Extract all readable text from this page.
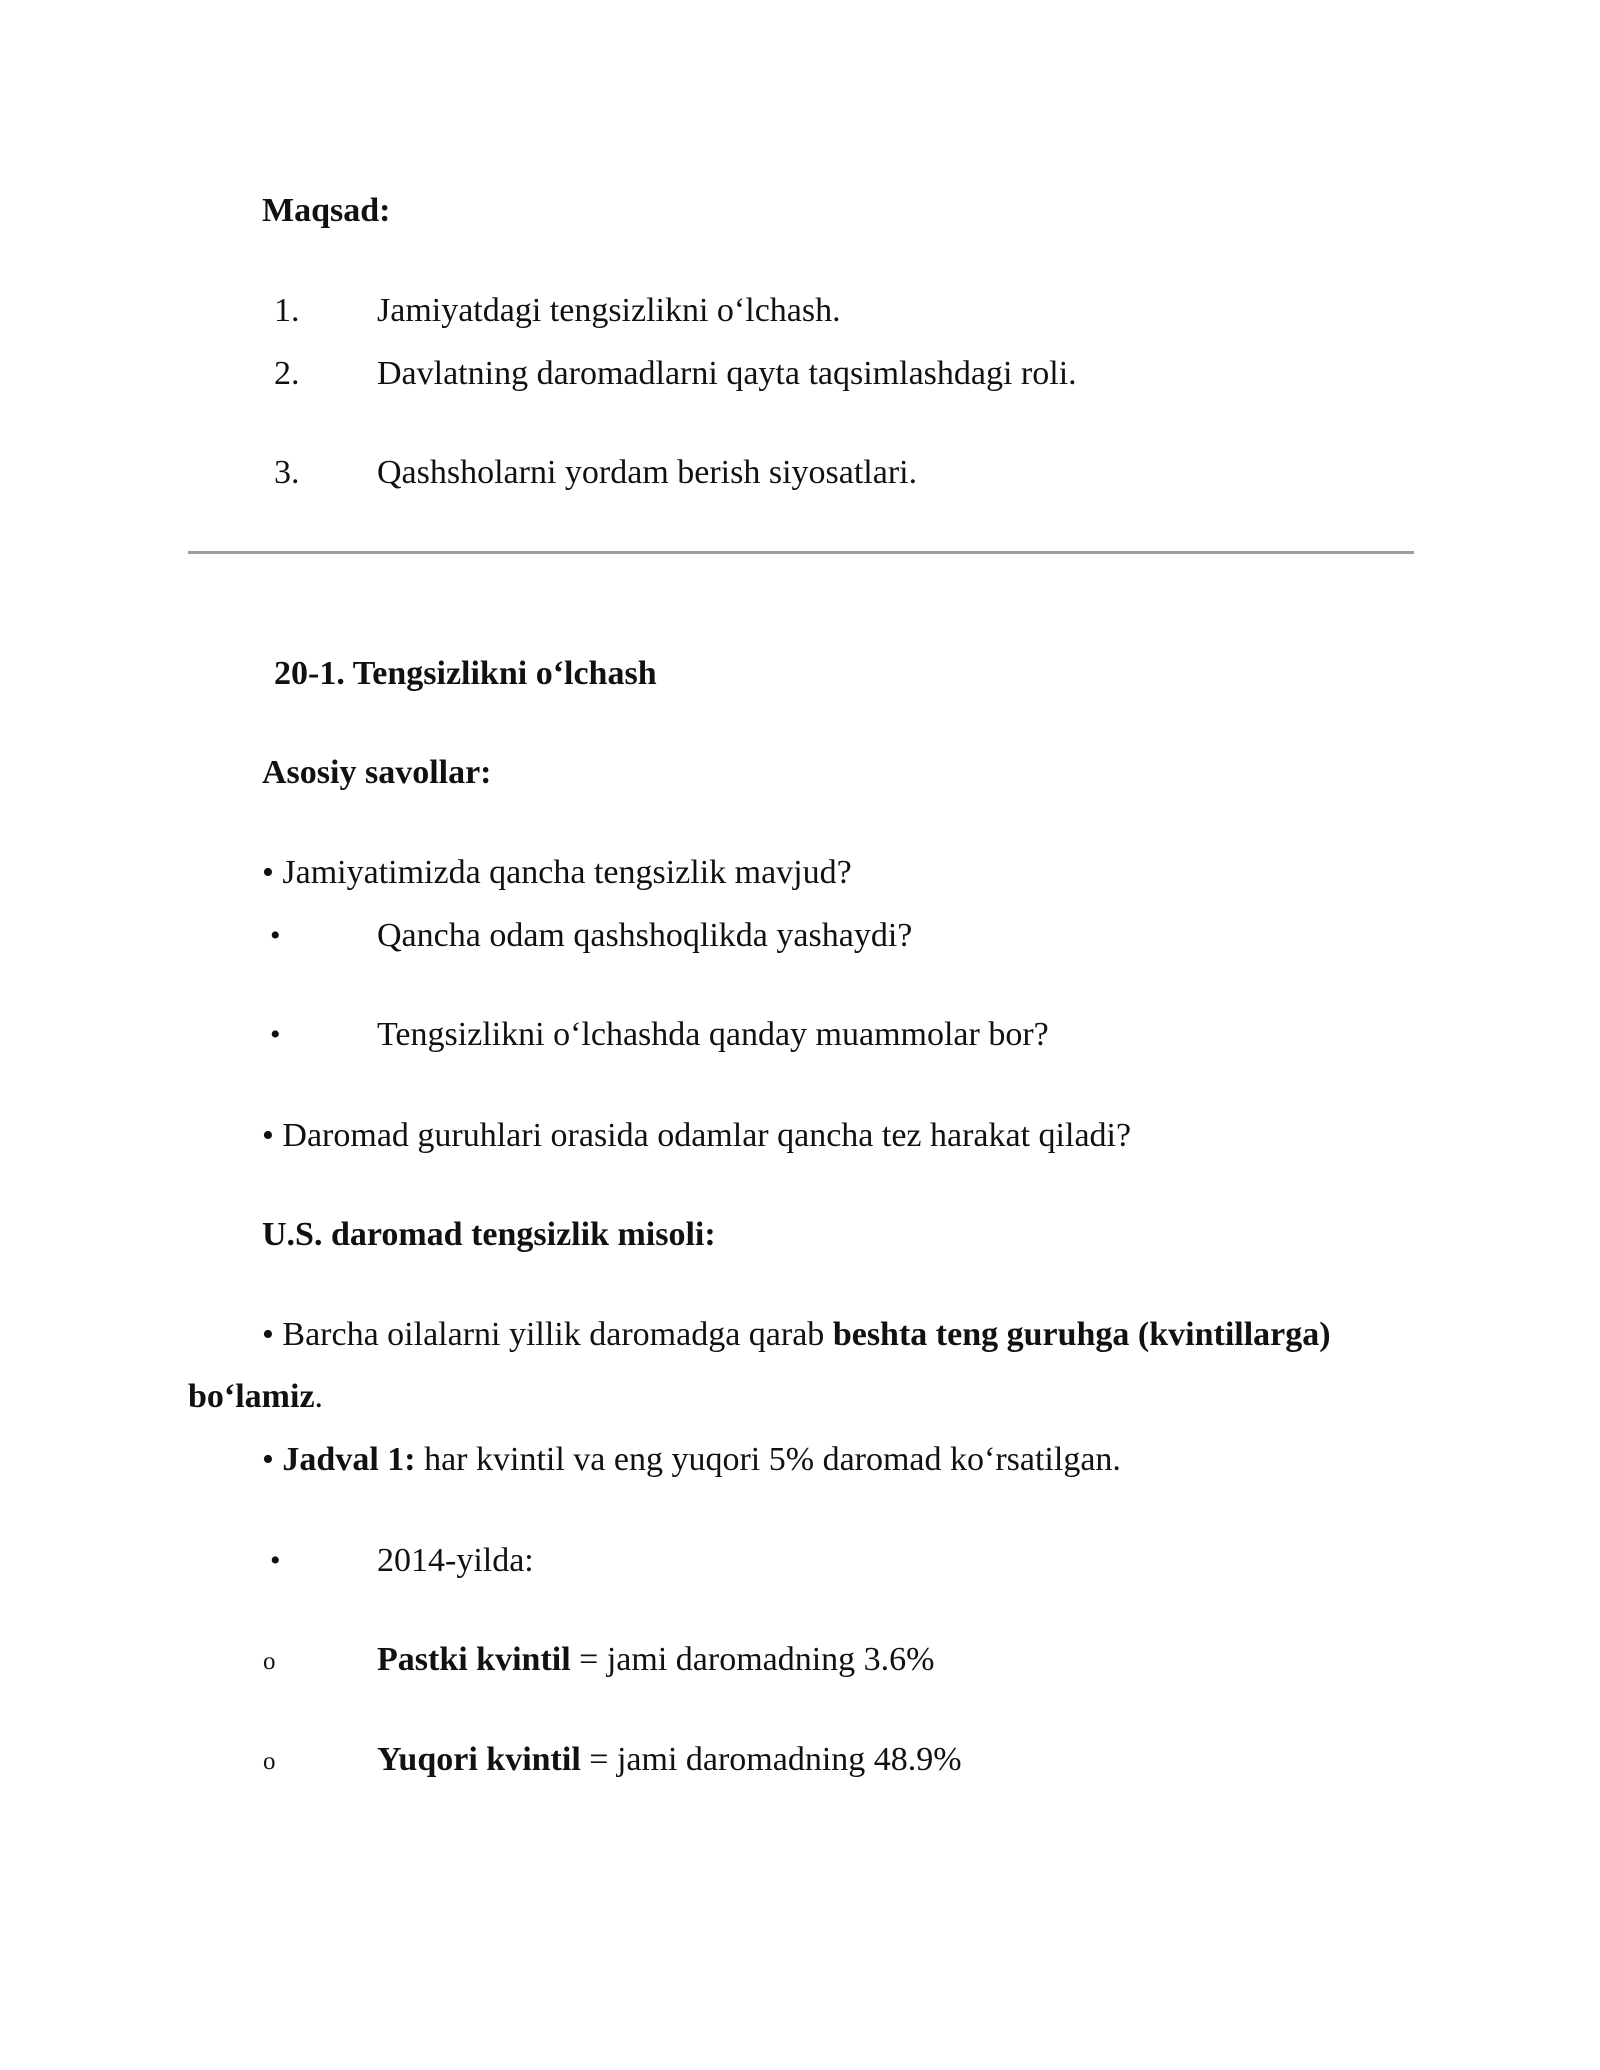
Maqsad:
1. Jamiyatdagi tengsizlikni o‘lchash.
2. Davlatning daromadlarni qayta taqsimlashdagi roli.
3. Qashsholarni yordam berish siyosatlari.
20-1. Tengsizlikni o‘lchash
Asosiy savollar:
• Jamiyatimizda qancha tengsizlik mavjud?
•	Qancha odam qashshoqlikda yashaydi?
•	Tengsizlikni o‘lchashda qanday muammolar bor?
• Daromad guruhlari orasida odamlar qancha tez harakat qiladi?
U.S. daromad tengsizlik misoli:
• Barcha oilalarni yillik daromadga qarab beshta teng guruhga (kvintillarga)
bo‘lamiz.
• Jadval 1: har kvintil va eng yuqori 5% daromad ko‘rsatilgan.
•	2014-yilda:
o	Pastki kvintil = jami daromadning 3.6%
o	Yuqori kvintil = jami daromadning 48.9%
